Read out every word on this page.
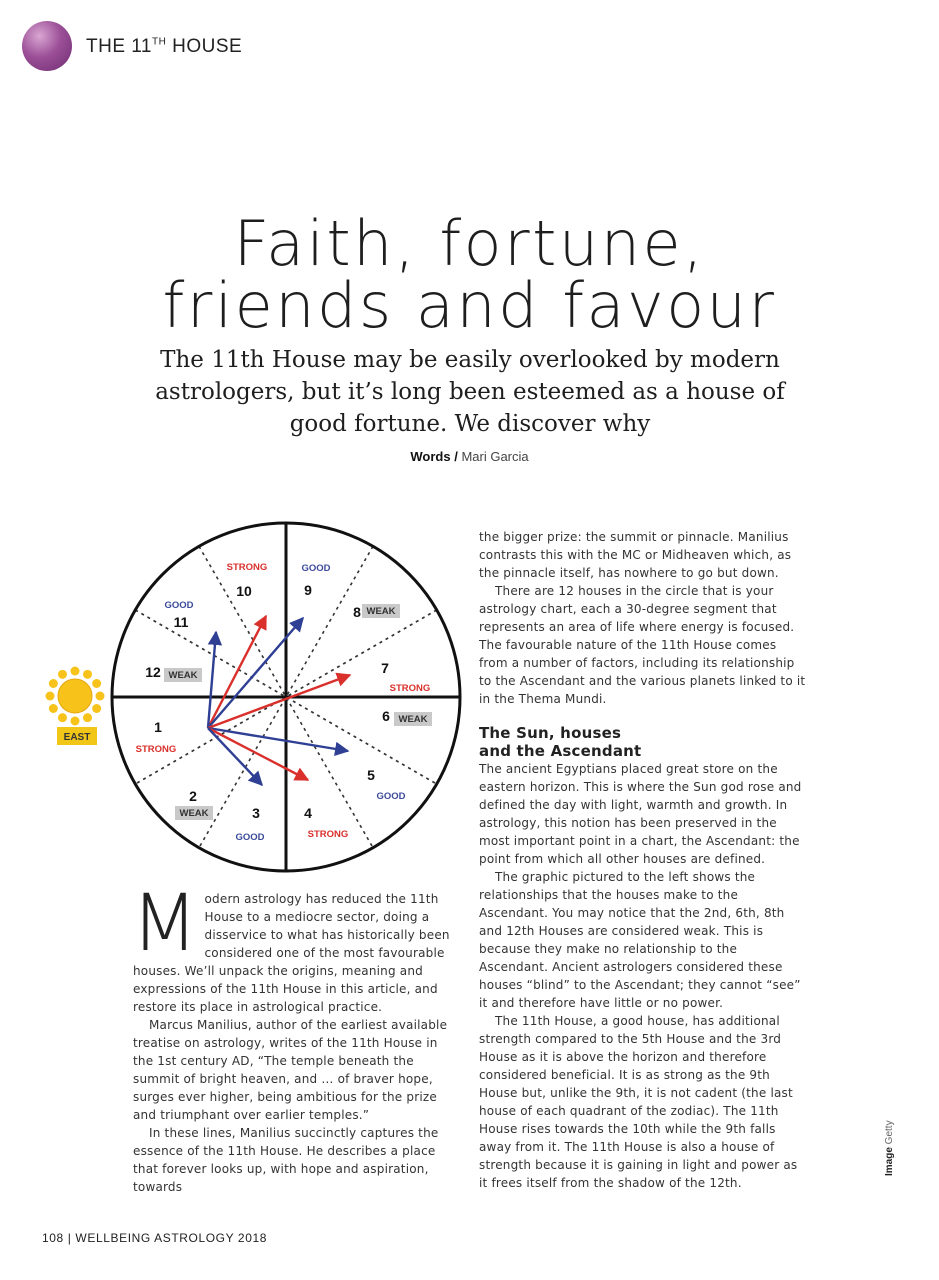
THE 11TH HOUSE
Faith, fortune,
friends and favour
The 11th House may be easily overlooked by modern astrologers, but it’s long been esteemed as a house of good fortune. We discover why
Words / Mari Garcia
1
STRONG
2
WEAK	3
GOOD
4
STRONG
5
GOOD
6 WEAK
7
STRONG
8 WEAK
9
GOOD
10
STRONG
11
GOOD
12 WEAK
EAST

Modern astrology has reduced the 11th House to a mediocre sector, doing a disservice to what has historically been considered one of the most favourable houses. We’ll unpack the origins, meaning and expressions of the 11th House in this article, and restore its place in astrological practice.

Marcus Manilius, author of the earliest available treatise on astrology, writes of the 11th House in the 1st century AD, “The temple beneath the summit of bright heaven, and … of braver hope, surges ever higher, being ambitious for the prize and triumphant over earlier temples.”

In these lines, Manilius succinctly captures the essence of the 11th House. He describes a place that forever looks up, with hope and aspiration, towards

the bigger prize: the summit or pinnacle. Manilius contrasts this with the MC or Midheaven which, as the pinnacle itself, has nowhere to go but down.

There are 12 houses in the circle that is your astrology chart, each a 30-degree segment that represents an area of life where energy is focused. The favourable nature of the 11th House comes from a number of factors, including its relationship to the Ascendant and the various planets linked to it in the Thema Mundi.

The Sun, houses
and the Ascendant

The ancient Egyptians placed great store on the eastern horizon. This is where the Sun god rose and defined the day with light, warmth and growth. In astrology, this notion has been preserved in the most important point in a chart, the Ascendant: the point from which all other houses are defined.

The graphic pictured to the left shows the relationships that the houses make to the Ascendant. You may notice that the 2nd, 6th, 8th and 12th Houses are considered weak. This is because they make no relationship to the Ascendant. Ancient astrologers considered these houses “blind” to the Ascendant; they cannot “see” it and therefore have little or no power.

The 11th House, a good house, has additional strength compared to the 5th House and the 3rd House as it is above the horizon and therefore considered beneficial. It is as strong as the 9th House but, unlike the 9th, it is not cadent (the last house of each quadrant of the zodiac). The 11th House rises towards the 10th while the 9th falls away from it. The 11th House is also a house of strength because it is gaining in light and power as it frees itself from the shadow of the 12th.

Image Getty
108 | WELLBEING ASTROLOGY 2018
